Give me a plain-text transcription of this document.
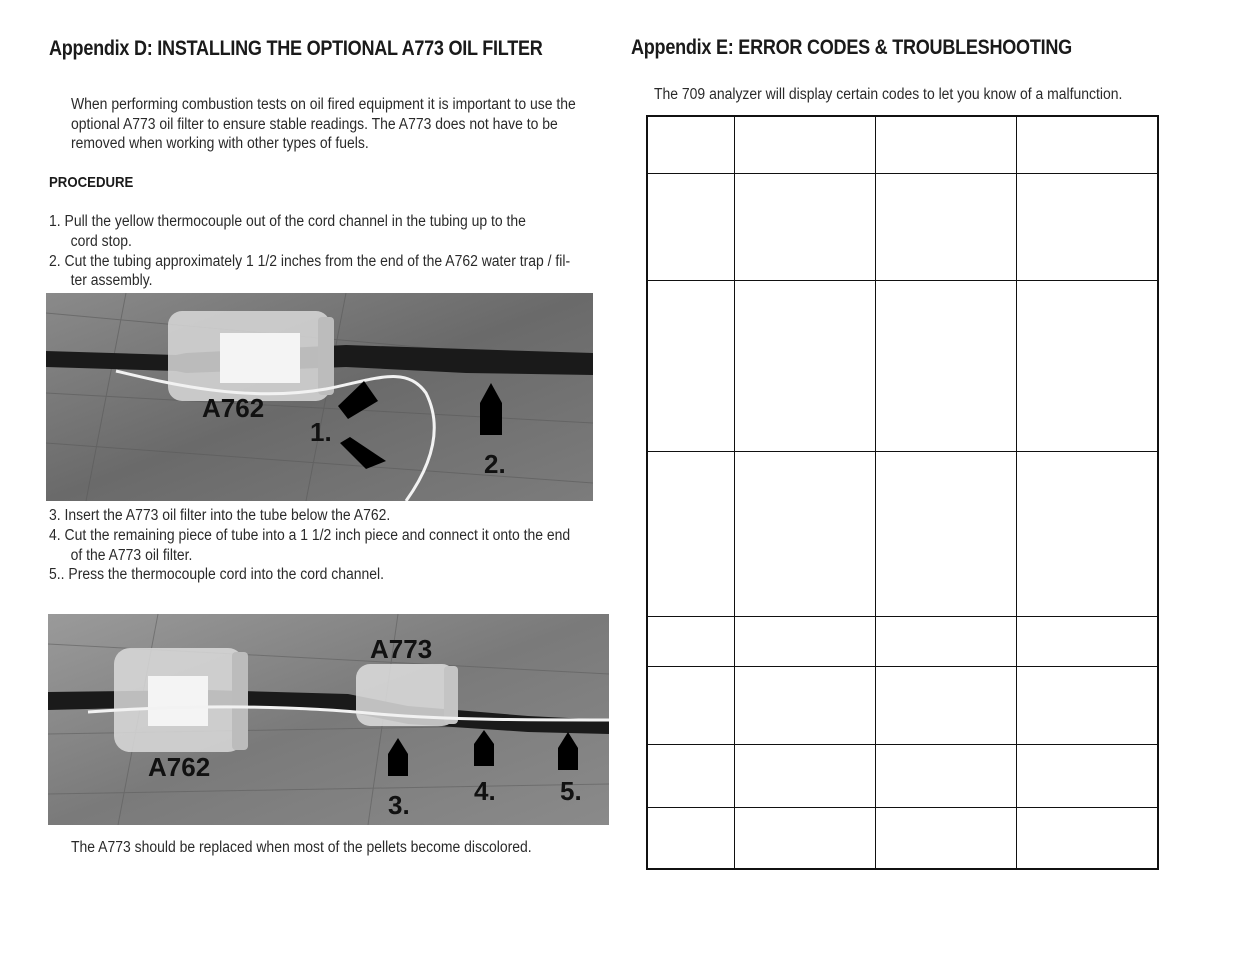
Appendix D: INSTALLING THE OPTIONAL A773 OIL FILTER
When performing combustion tests on oil fired equipment it is important to use the optional A773 oil filter to ensure stable readings. The A773 does not have to be removed when working with other types of fuels.
PROCEDURE
1. Pull the yellow thermocouple out of the cord channel in the tubing up to the
cord stop.
2. Cut the tubing approximately 1 1/2 inches from the end of the A762 water trap / fil-
ter assembly.
A762
1.
2.
3. Insert the A773 oil filter into the tube below the A762.
4. Cut the remaining piece of tube into a 1 1/2 inch piece and connect it onto the end
of the A773 oil filter.
5.. Press the thermocouple cord into the cord channel.
A773
A762
3. 4. 5.
The A773 should be replaced when most of the pellets become discolored.
Appendix E: ERROR CODES & TROUBLESHOOTING
The 709 analyzer will display certain codes to let you know of a malfunction.
